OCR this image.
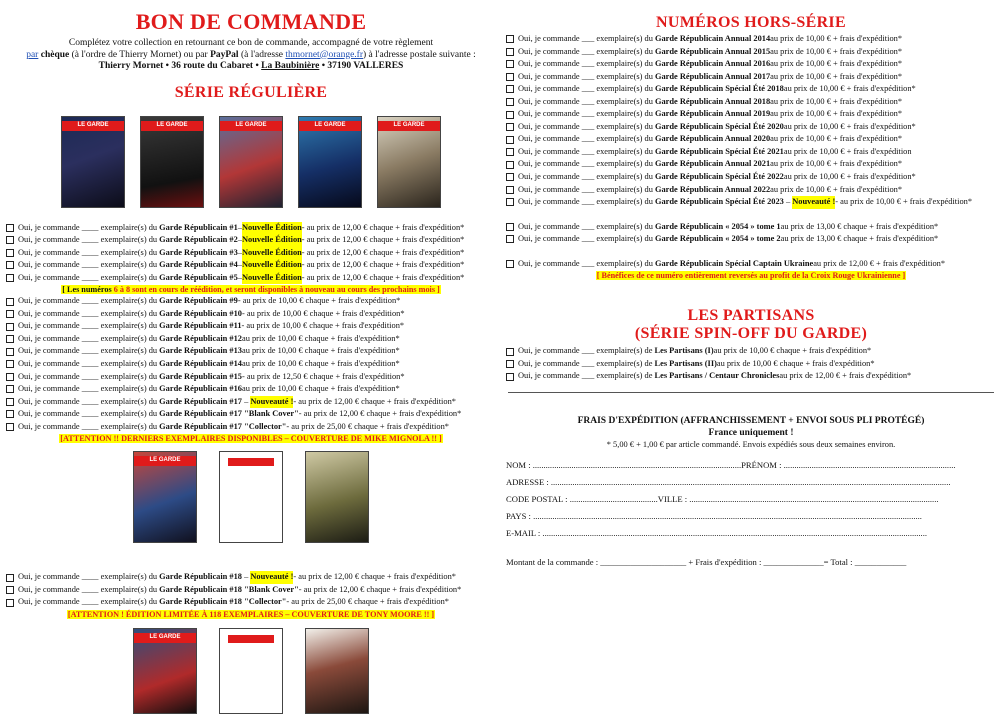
BON DE COMMANDE
Complétez votre collection en retournant ce bon de commande, accompagné de votre règlement
par chèque (à l'ordre de Thierry Mornet) ou par PayPal (à l'adresse thmornet@orange.fr) à l'adresse postale suivante :
Thierry Mornet • 36 route du Cabaret • La Baubinière • 37190 VALLERES
SÉRIE RÉGULIÈRE
LE GARDE	LE GARDE	LE GARDE	LE GARDE	LE GARDE
Oui, je commande ____ exemplaire(s) du
Garde Républicain #1 – Nouvelle Édition - au prix de 12,00 € chaque + frais d'expédition*
Oui, je commande ____ exemplaire(s) du
Garde Républicain #2 – Nouvelle Édition - au prix de 12,00 € chaque + frais d'expédition*
Oui, je commande ____ exemplaire(s) du
Garde Républicain #3 – Nouvelle Édition - au prix de 12,00 € chaque + frais d'expédition*
Oui, je commande ____ exemplaire(s) du
Garde Républicain #4 – Nouvelle Édition - au prix de 12,00 € chaque + frais d'expédition*
Oui, je commande ____ exemplaire(s) du
Garde Républicain #5 – Nouvelle Édition - au prix de 12,00 € chaque + frais d'expédition*
[ Les numéros 6 à 8 sont en cours de réédition, et seront disponibles à nouveau au cours des prochains mois ]
Oui, je commande ____ exemplaire(s) du
Garde Républicain #9 - au prix de 10,00 € chaque + frais d'expédition*
Oui, je commande ____ exemplaire(s) du
Garde Républicain #10 - au prix de 10,00 € chaque + frais d'expédition*
Oui, je commande ____ exemplaire(s) du
Garde Républicain #11 - au prix de 10,00 € chaque + frais d'expédition*
Oui, je commande ____ exemplaire(s) du
Garde Républicain #12 au prix de 10,00 € chaque + frais d'expédition*
Oui, je commande ____ exemplaire(s) du
Garde Républicain #13 au prix de 10,00 € chaque + frais d'expédition*
Oui, je commande ____ exemplaire(s) du
Garde Républicain #14 au prix de 10,00 € chaque + frais d'expédition*
Oui, je commande ____ exemplaire(s) du
Garde Républicain #15 - au prix de 12,50 € chaque + frais d'expédition*
Oui, je commande ____ exemplaire(s) du
Garde Républicain #16 au prix de 10,00 € chaque + frais d'expédition*
Oui, je commande ____ exemplaire(s) du
Garde Républicain #17 – Nouveauté ! - au prix de 12,00 € chaque + frais d'expédition*
Oui, je commande ____ exemplaire(s) du
Garde Républicain #17 "Blank Cover" - au prix de 12,00 € chaque + frais d'expédition*
Oui, je commande ____ exemplaire(s) du
Garde Républicain #17 "Collector" - au prix de 25,00 € chaque + frais d'expédition*
[ATTENTION !! DERNIERS EXEMPLAIRES DISPONIBLES – COUVERTURE DE MIKE MIGNOLA !! ]
LE GARDE
Oui, je commande ____ exemplaire(s) du
Garde Républicain #18 – Nouveauté ! - au prix de 12,00 € chaque + frais d'expédition*
Oui, je commande ____ exemplaire(s) du
Garde Républicain #18 "Blank Cover" - au prix de 12,00 € chaque + frais d'expédition*
Oui, je commande ____ exemplaire(s) du
Garde Républicain #18 "Collector" - au prix de 25,00 € chaque + frais d'expédition*
[ATTENTION ! ÉDITION LIMITÉE À 118 EXEMPLAIRES – COUVERTURE DE TONY MOORE !! ]
LE GARDE
NUMÉROS HORS-SÉRIE
Oui, je commande ___ exemplaire(s) du
Garde Républicain Annual 2014 au prix de 10,00 € + frais d'expédition*
Oui, je commande ___ exemplaire(s) du
Garde Républicain Annual 2015 au prix de 10,00 € + frais d'expédition*
Oui, je commande ___ exemplaire(s) du
Garde Républicain Annual 2016 au prix de 10,00 € + frais d'expédition*
Oui, je commande ___ exemplaire(s) du
Garde Républicain Annual 2017 au prix de 10,00 € + frais d'expédition*
Oui, je commande ___ exemplaire(s) du
Garde Républicain Spécial Été 2018 au prix de 10,00 € + frais d'expédition*
Oui, je commande ___ exemplaire(s) du
Garde Républicain Annual 2018 au prix de 10,00 € + frais d'expédition*
Oui, je commande ___ exemplaire(s) du
Garde Républicain Annual 2019 au prix de 10,00 € + frais d'expédition*
Oui, je commande ___ exemplaire(s) du
Garde Républicain Spécial Été 2020 au prix de 10,00 € + frais d'expédition*
Oui, je commande ___ exemplaire(s) du
Garde Républicain Annual 2020 au prix de 10,00 € + frais d'expédition*
Oui, je commande ___ exemplaire(s) du
Garde Républicain Spécial Été 2021 au prix de 10,00 € + frais d'expédition
Oui, je commande ___ exemplaire(s) du
Garde Républicain Annual 2021 au prix de 10,00 € + frais d'expédition*
Oui, je commande ___ exemplaire(s) du
Garde Républicain Spécial Été 2022 au prix de 10,00 € + frais d'expédition*
Oui, je commande ___ exemplaire(s) du
Garde Républicain Annual 2022 au prix de 10,00 € + frais d'expédition*
Oui, je commande ___ exemplaire(s) du
Garde Républicain Spécial Été 2023 – Nouveauté ! - au prix de 10,00 € + frais d'expédition*
Oui, je commande ___ exemplaire(s) du
Garde Républicain « 2054 » tome 1 au prix de 13,00 € chaque + frais d'expédition*
Oui, je commande ___ exemplaire(s) du
Garde Républicain « 2054 » tome 2 au prix de 13,00 € chaque + frais d'expédition*
Oui, je commande ___ exemplaire(s) du
Garde Républicain Spécial Captain Ukraine au prix de 12,00 € + frais d'expédition*
[ Bénéfices de ce numéro entièrement reversés au profit de la Croix Rouge Ukrainienne ]
LES PARTISANS
(SÉRIE SPIN-OFF DU GARDE)
Oui, je commande ___ exemplaire(s) de
Les Partisans (I) au prix de 10,00 € chaque + frais d'expédition*
Oui, je commande ___ exemplaire(s) de
Les Partisans (II) au prix de 10,00 € chaque + frais d'expédition*
Oui, je commande ___ exemplaire(s) de
Les Partisans / Centaur Chronicles au prix de 12,00 € + frais d'expédition*
FRAIS D'EXPÉDITION (AFFRANCHISSEMENT + ENVOI SOUS PLI PROTÉGÉ)
France uniquement !
* 5,00 € + 1,00 € par article commandé. Envois expédiés sous deux semaines environ.
NOM : .................................................................................................PRÉNOM : ................................................................................
ADRESSE : ..........................................................................................................................................................................................
CODE POSTAL : .........................................VILLE : ....................................................................................................................
PAYS : .....................................................................................................................................................................................
E-MAIL : ...................................................................................................................................................................................
Montant de la commande : ____________________ + Frais d'expédition : ______________= Total : ____________
